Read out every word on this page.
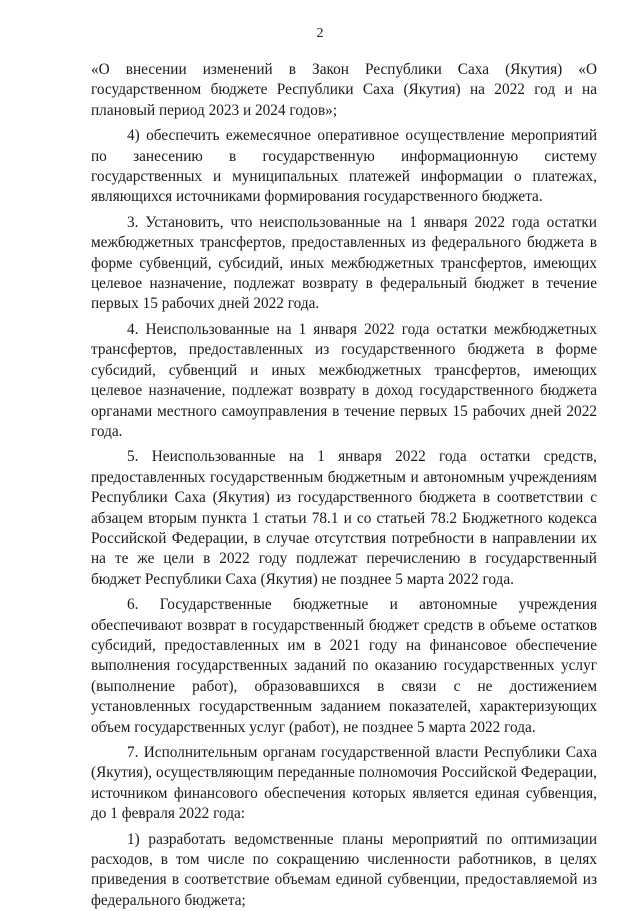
2

«О внесении изменений в Закон Республики Саха (Якутия) «О государственном бюджете Республики Саха (Якутия) на 2022 год и на плановый период 2023 и 2024 годов»;

4) обеспечить ежемесячное оперативное осуществление мероприятий по занесению в государственную информационную систему государственных и муниципальных платежей информации о платежах, являющихся источниками формирования государственного бюджета.

3. Установить, что неиспользованные на 1 января 2022 года остатки межбюджетных трансфертов, предоставленных из федерального бюджета в форме субвенций, субсидий, иных межбюджетных трансфертов, имеющих целевое назначение, подлежат возврату в федеральный бюджет в течение первых 15 рабочих дней 2022 года.

4. Неиспользованные на 1 января 2022 года остатки межбюджетных трансфертов, предоставленных из государственного бюджета в форме субсидий, субвенций и иных межбюджетных трансфертов, имеющих целевое назначение, подлежат возврату в доход государственного бюджета органами местного самоуправления в течение первых 15 рабочих дней 2022 года.

5. Неиспользованные на 1 января 2022 года остатки средств, предоставленных государственным бюджетным и автономным учреждениям Республики Саха (Якутия) из государственного бюджета в соответствии с абзацем вторым пункта 1 статьи 78.1 и со статьей 78.2 Бюджетного кодекса Российской Федерации, в случае отсутствия потребности в направлении их на те же цели в 2022 году подлежат перечислению в государственный бюджет Республики Саха (Якутия) не позднее 5 марта 2022 года.

6. Государственные бюджетные и автономные учреждения обеспечивают возврат в государственный бюджет средств в объеме остатков субсидий, предоставленных им в 2021 году на финансовое обеспечение выполнения государственных заданий по оказанию государственных услуг (выполнение работ), образовавшихся в связи с не достижением установленных государственным заданием показателей, характеризующих объем государственных услуг (работ), не позднее 5 марта 2022 года.

7. Исполнительным органам государственной власти Республики Саха (Якутия), осуществляющим переданные полномочия Российской Федерации, источником финансового обеспечения которых является единая субвенция, до 1 февраля 2022 года:

1) разработать ведомственные планы мероприятий по оптимизации расходов, в том числе по сокращению численности работников, в целях приведения в соответствие объемам единой субвенции, предоставляемой из федерального бюджета;
